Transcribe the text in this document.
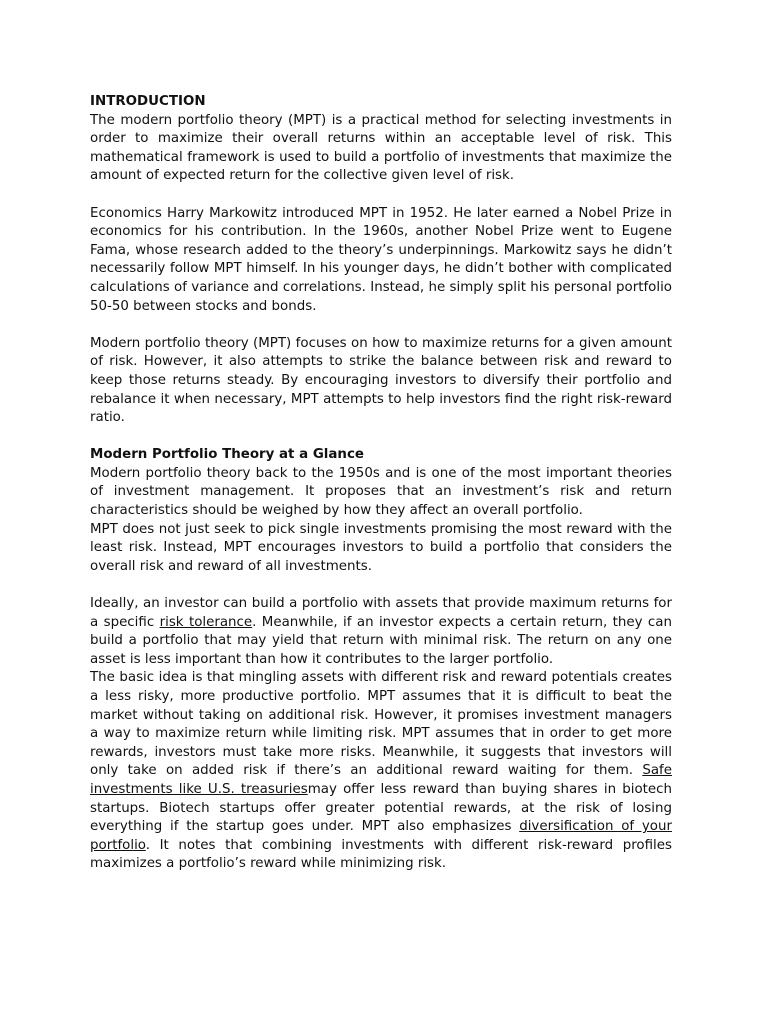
INTRODUCTION

The modern portfolio theory (MPT) is a practical method for selecting investments in order to maximize their overall returns within an acceptable level of risk. This mathematical framework is used to build a portfolio of investments that maximize the amount of expected return for the collective given level of risk.

Economics Harry Markowitz introduced MPT in 1952. He later earned a Nobel Prize in economics for his contribution. In the 1960s, another Nobel Prize went to Eugene Fama, whose research added to the theory’s underpinnings. Markowitz says he didn’t necessarily follow MPT himself. In his younger days, he didn’t bother with complicated calculations of variance and correlations. Instead, he simply split his personal portfolio 50-50 between stocks and bonds.

Modern portfolio theory (MPT) focuses on how to maximize returns for a given amount of risk. However, it also attempts to strike the balance between risk and reward to keep those returns steady. By encouraging investors to diversify their portfolio and rebalance it when necessary, MPT attempts to help investors find the right risk-reward ratio.

Modern Portfolio Theory at a Glance

Modern portfolio theory back to the 1950s and is one of the most important theories of investment management. It proposes that an investment’s risk and return characteristics should be weighed by how they affect an overall portfolio.

MPT does not just seek to pick single investments promising the most reward with the least risk. Instead, MPT encourages investors to build a portfolio that considers the overall risk and reward of all investments.

Ideally, an investor can build a portfolio with assets that provide maximum returns for a specific risk tolerance. Meanwhile, if an investor expects a certain return, they can build a portfolio that may yield that return with minimal risk. The return on any one asset is less important than how it contributes to the larger portfolio.

The basic idea is that mingling assets with different risk and reward potentials creates a less risky, more productive portfolio. MPT assumes that it is difficult to beat the market without taking on additional risk. However, it promises investment managers a way to maximize return while limiting risk. MPT assumes that in order to get more rewards, investors must take more risks. Meanwhile, it suggests that investors will only take on added risk if there’s an additional reward waiting for them. Safe investments like U.S. treasuriesmay offer less reward than buying shares in biotech startups. Biotech startups offer greater potential rewards, at the risk of losing everything if the startup goes under. MPT also emphasizes diversification of your portfolio. It notes that combining investments with different risk-reward profiles maximizes a portfolio’s reward while minimizing risk.
